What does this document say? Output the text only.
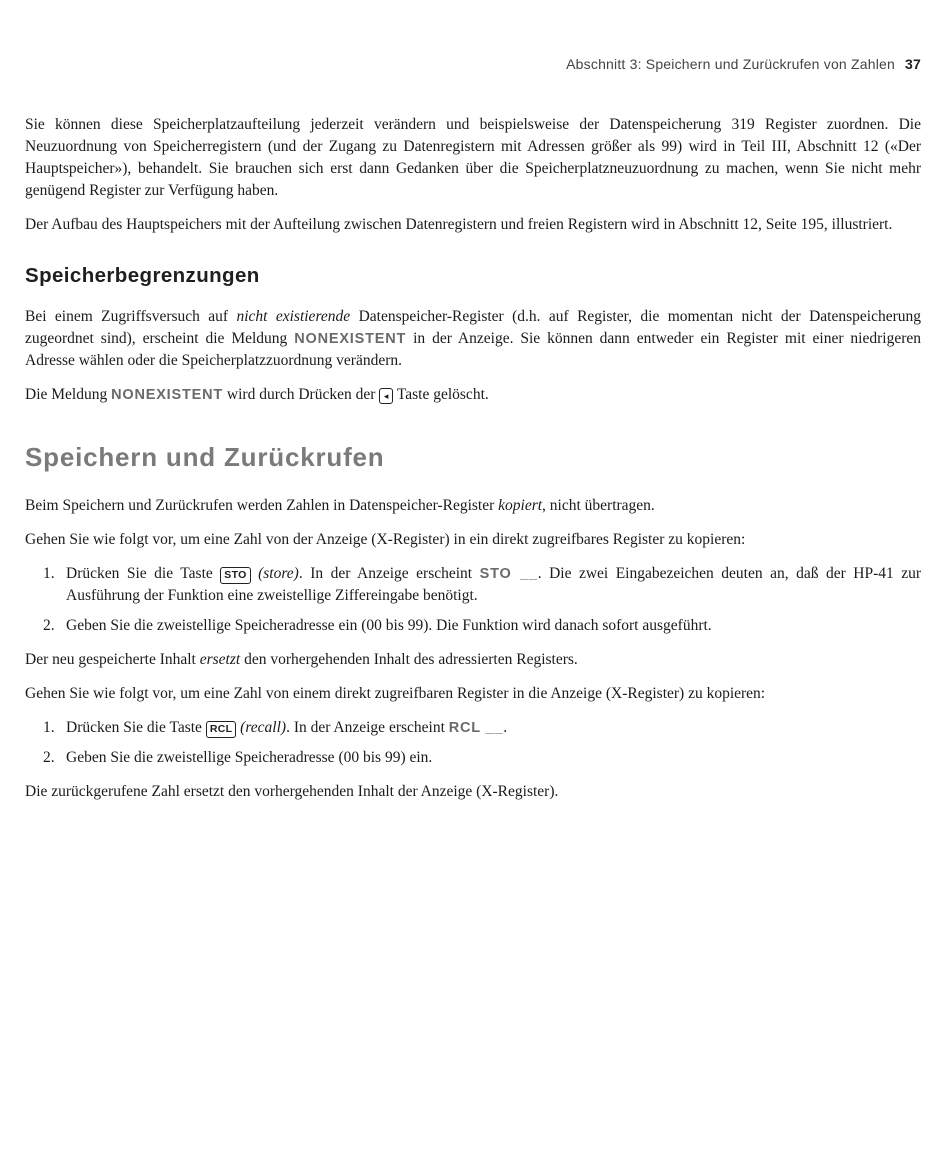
Abschnitt 3: Speichern und Zurückrufen von Zahlen 37

Sie können diese Speicherplatzaufteilung jederzeit verändern und beispielsweise der Datenspeicherung 319 Register zuordnen. Die Neuzuordnung von Speicherregistern (und der Zugang zu Datenregistern mit Adressen größer als 99) wird in Teil III, Abschnitt 12 («Der Hauptspeicher»), behandelt. Sie brauchen sich erst dann Gedanken über die Speicherplatzneuzuordnung zu machen, wenn Sie nicht mehr genügend Register zur Verfügung haben.

Der Aufbau des Hauptspeichers mit der Aufteilung zwischen Datenregistern und freien Registern wird in Abschnitt 12, Seite 195, illustriert.

Speicherbegrenzungen

Bei einem Zugriffsversuch auf nicht existierende Datenspeicher-Register (d.h. auf Register, die momentan nicht der Datenspeicherung zugeordnet sind), erscheint die Meldung NONEXISTENT in der Anzeige. Sie können dann entweder ein Register mit einer niedrigeren Adresse wählen oder die Speicherplatzzuordnung verändern.

Die Meldung NONEXISTENT wird durch Drücken der ◂ Taste gelöscht.

Speichern und Zurückrufen

Beim Speichern und Zurückrufen werden Zahlen in Datenspeicher-Register kopiert, nicht übertragen.

Gehen Sie wie folgt vor, um eine Zahl von der Anzeige (X-Register) in ein direkt zugreifbares Register zu kopieren:

1. Drücken Sie die Taste STO (store). In der Anzeige erscheint STO __. Die zwei Eingabezeichen deuten an, daß der HP-41 zur Ausführung der Funktion eine zweistellige Ziffereingabe benötigt.
2. Geben Sie die zweistellige Speicheradresse ein (00 bis 99). Die Funktion wird danach sofort ausgeführt.

Der neu gespeicherte Inhalt ersetzt den vorhergehenden Inhalt des adressierten Registers.

Gehen Sie wie folgt vor, um eine Zahl von einem direkt zugreifbaren Register in die Anzeige (X-Register) zu kopieren:

1. Drücken Sie die Taste RCL (recall). In der Anzeige erscheint RCL __.
2. Geben Sie die zweistellige Speicheradresse (00 bis 99) ein.

Die zurückgerufene Zahl ersetzt den vorhergehenden Inhalt der Anzeige (X-Register).
